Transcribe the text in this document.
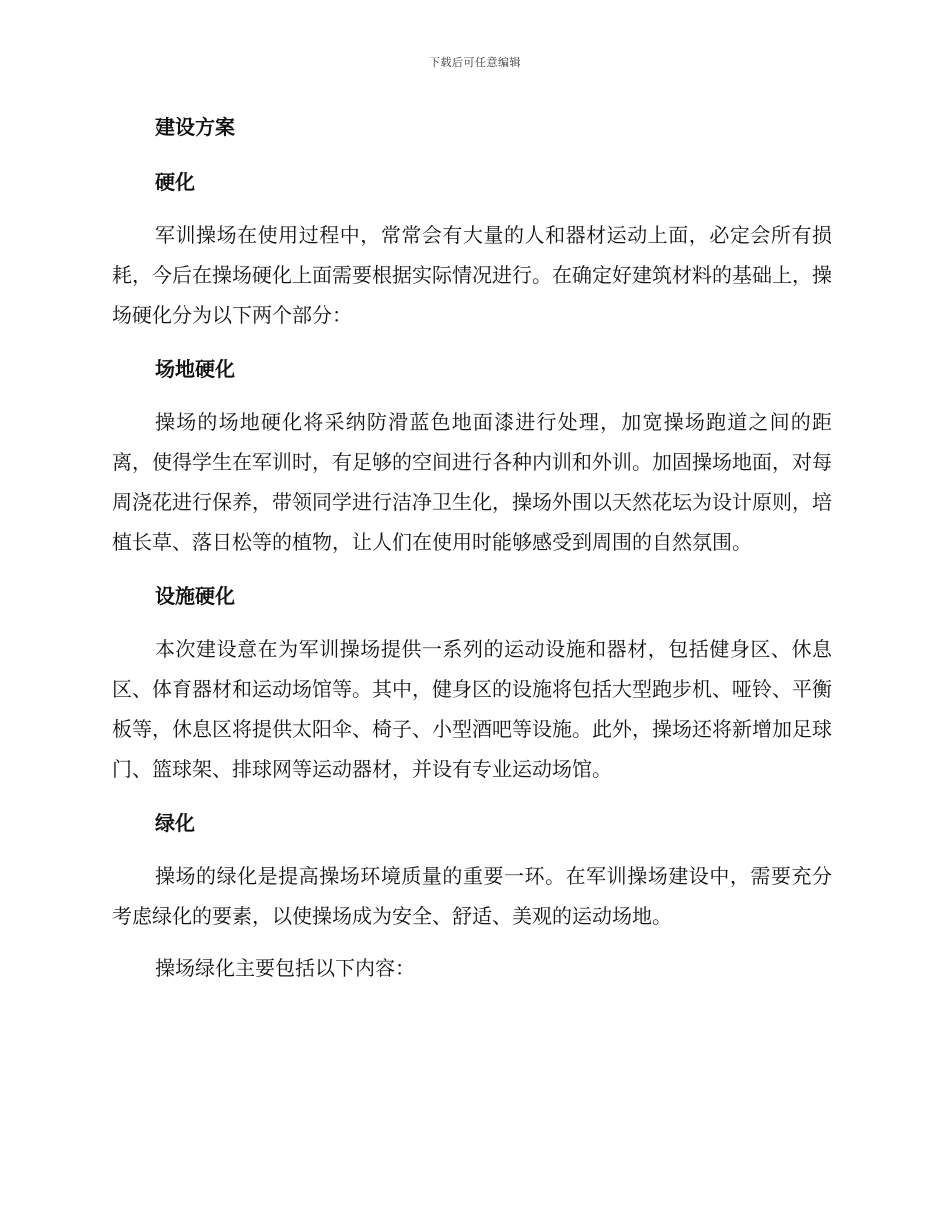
下载后可任意编辑
建设方案
硬化

军训操场在使用过程中，常常会有大量的人和器材运动上面，必定会所有损耗，今后在操场硬化上面需要根据实际情况进行。在确定好建筑材料的基础上，操场硬化分为以下两个部分：

场地硬化

操场的场地硬化将采纳防滑蓝色地面漆进行处理，加宽操场跑道之间的距离，使得学生在军训时，有足够的空间进行各种内训和外训。加固操场地面，对每周浇花进行保养，带领同学进行洁净卫生化，操场外围以天然花坛为设计原则，培植长草、落日松等的植物，让人们在使用时能够感受到周围的自然氛围。

设施硬化

本次建设意在为军训操场提供一系列的运动设施和器材，包括健身区、休息区、体育器材和运动场馆等。其中，健身区的设施将包括大型跑步机、哑铃、平衡板等，休息区将提供太阳伞、椅子、小型酒吧等设施。此外，操场还将新增加足球门、篮球架、排球网等运动器材，并设有专业运动场馆。

绿化

操场的绿化是提高操场环境质量的重要一环。在军训操场建设中，需要充分考虑绿化的要素，以使操场成为安全、舒适、美观的运动场地。

操场绿化主要包括以下内容：
